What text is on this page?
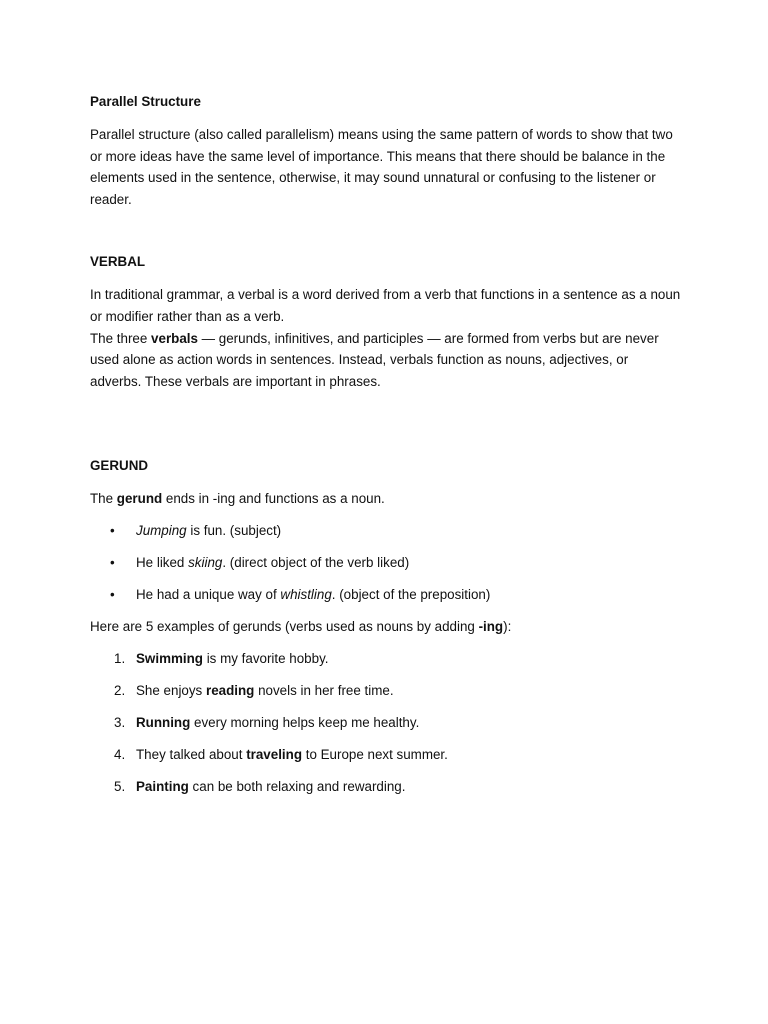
Parallel Structure

Parallel structure (also called parallelism) means using the same pattern of words to show that two or more ideas have the same level of importance. This means that there should be balance in the elements used in the sentence, otherwise, it may sound unnatural or confusing to the listener or reader.

VERBAL

In traditional grammar, a verbal is a word derived from a verb that functions in a sentence as a noun or modifier rather than as a verb.
The three verbals — gerunds, infinitives, and participles — are formed from verbs but are never used alone as action words in sentences. Instead, verbals function as nouns, adjectives, or adverbs. These verbals are important in phrases.

GERUND

The gerund ends in -ing and functions as a noun.

• Jumping is fun. (subject)
• He liked skiing. (direct object of the verb liked)
• He had a unique way of whistling. (object of the preposition)

Here are 5 examples of gerunds (verbs used as nouns by adding -ing):

1. Swimming is my favorite hobby.
2. She enjoys reading novels in her free time.
3. Running every morning helps keep me healthy.
4. They talked about traveling to Europe next summer.
5. Painting can be both relaxing and rewarding.
